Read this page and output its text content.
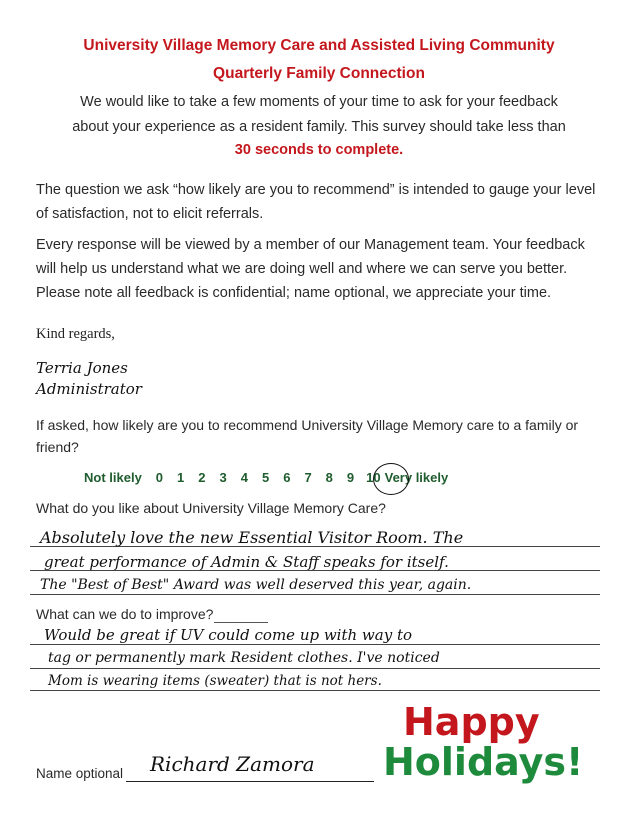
University Village Memory Care and Assisted Living Community
Quarterly Family Connection
We would like to take a few moments of your time to ask for your feedback
about your experience as a resident family. This survey should take less than
30 seconds to complete.
The question we ask “how likely are you to recommend” is intended to gauge your level of satisfaction, not to elicit referrals.
Every response will be viewed by a member of our Management team. Your feedback will help us understand what we are doing well and where we can serve you better. Please note all feedback is confidential; name optional, we appreciate your time.
Kind regards,
Terria Jones
Administrator
If asked, how likely are you to recommend University Village Memory care to a family or friend?
Not likely 0 1 2 3 4 5 6 7 8 9 10 Very likely
What do you like about University Village Memory Care?
Absolutely love the new Essential Visitor Room. The
great performance of Admin & Staff speaks for itself.
The "Best of Best" Award was well deserved this year, again.
What can we do to improve?
Would be great if UV could come up with way to
tag or permanently mark Resident clothes. I've noticed
Mom is wearing items (sweater) that is not hers.
Happy
Holidays!
Name optional Richard Zamora
